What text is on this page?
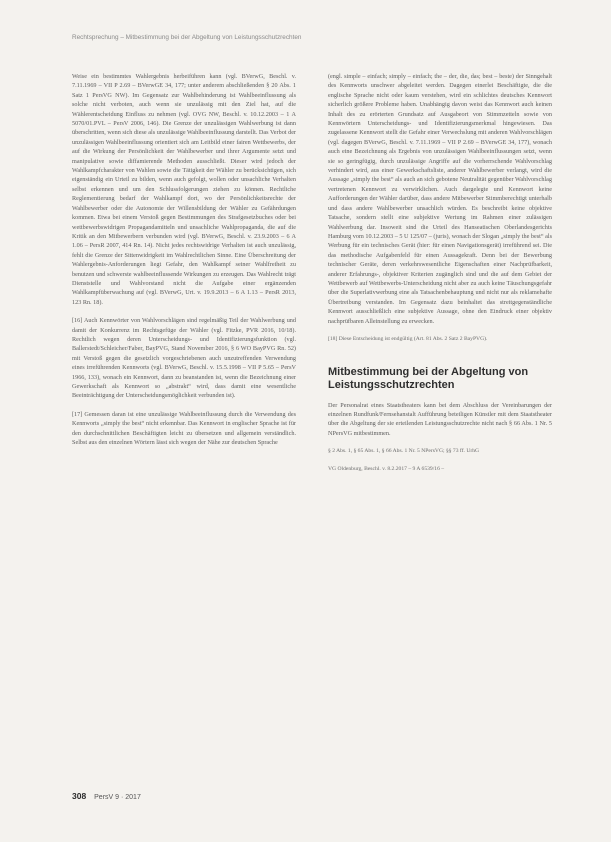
Rechtsprechung – Mitbestimmung bei der Abgeltung von Leistungsschutzrechten

Weise ein bestimmtes Wahlergebnis herbeiführen kann (vgl. BVerwG, Beschl. v. 7.11.1969 – VII P 2.69 – BVerwGE 34, 177; unter anderem abschließenden § 20 Abs. 1 Satz 1 PersVG NW). Im Gegensatz zur Wahlbehinderung ist Wahlbeeinflussung als solche nicht verboten, auch wenn sie unzulässig mit den Ziel hat, auf die Wählerentscheidung Einfluss zu nehmen (vgl. OVG NW, Beschl. v. 10.12.2003 – 1 A 5070/01.PVL – PersV 2006, 146). Die Grenze der unzulässigen Wahlwerbung ist dann überschritten, wenn sich diese als unzulässige Wahlbeeinflussung darstellt. Das Verbot der unzulässigen Wahlbeeinflussung orientiert sich am Leitbild einer fairen Wettbewerbs, der auf die Wirkung der Persönlichkeit der Wahlbewerber und ihrer Argumente setzt und manipulative sowie diffamierende Methoden ausschließt. Dieser wird jedoch der Wahlkampfcharakter von Wahlen sowie die Tätigkeit der Wähler zu berücksichtigen, sich eigenständig ein Urteil zu bilden, wenn auch gefolgt, wollen oder unsachliche Verhalten selbst erkennen und um den Schlussfolgerungen ziehen zu können. Rechtliche Reglementierung bedarf der Wahlkampf dort, wo der Persönlichkeitsrechte der Wahlbewerber oder die Autonomie der Willensbildung der Wähler zu Gefährdungen kommen. Etwa bei einem Verstoß gegen Bestimmungen des Strafgesetzbuches oder bei wettbewerbswidrigen Propagandamitteln und unsachliche Wahlpropaganda, die auf die Kritik an den Mitbewerbern verbunden wird (vgl. BVerwG, Beschl. v. 23.9.2003 – 6 A 1.06 – PersR 2007, 414 Rn. 14). Nicht jedes rechtswidrige Verhalten ist auch unzulässig, fehlt die Grenze der Sittenwidrigkeit im Wahlrechtlichen Sinne. Eine Überschreitung der Wahlergebnis-Anforderungen liegt Gefahr, den Wahlkampf seiner Wahlfreiheit zu benutzen und schwerste wahlbeeinflussende Wirkungen zu erzeugen. Das Wahlrecht trägt Dienststelle und Wahlvorstand nicht die Aufgabe einer ergänzenden Wahlkampfüberwachung auf (vgl. BVerwG, Urt. v. 19.9.2013 – 6 A 1.13 – PersR 2013, 123 Rn. 18).

[16] Auch Kennwörter von Wahlvorschlägen sind regelmäßig Teil der Wahlwerbung und damit der Konkurrenz im Rechtsgefüge der Wähler (vgl. Fitzke, PVR 2016, 10/18). Rechtlich wegen deren Unterscheidungs- und Identifizierungsfunktion (vgl. Ballerstedt/Schleicher/Faber, BayPVG, Stand November 2016, § 6 WO BayPVG Rn. 52) mit Verstoß gegen die gesetzlich vorgeschriebenen auch unzutreffenden Verwendung eines irreführenden Kennworts (vgl. BVerwG, Beschl. v. 15.5.1998 – VII P 5.65 – PersV 1966, 133), wonach ein Kennwort, dann zu beanstanden ist, wenn die Bezeichnung einer Gewerkschaft als Kennwort so „abstrakt“ wird, dass damit eine wesentliche Beeinträchtigung der Unterscheidungsmöglichkeit verbunden ist).

[17] Gemessen daran ist eine unzulässige Wahlbeeinflussung durch die Verwendung des Kennworts „simply the best“ nicht erkennbar. Das Kennwort in englischer Sprache ist für den durchschnittlichen Beschäftigten leicht zu übersetzen und allgemein verständlich. Selbst aus den einzelnen Wörtern lässt sich wegen der Nähe zur deutschen Sprache

(engl. simple – einfach; simply – einfach; the – der, die, das; best – beste) der Sinngehalt des Kennworts unschwer abgeleitet werden. Dagegen einerlei Beschäftigte, die die englische Sprache nicht oder kaum verstehen, wird ein schlichtes deutsches Kennwort sicherlich größere Probleme haben. Unabhängig davon weist das Kennwort auch keinen Inhalt des zu erörterten Grundsatz auf Ausgabeort von Stimmzetteln sowie von Kennwörtern Unterscheidungs- und Identifizierungsmerkmal hingewiesen. Das zugelassene Kennwort stellt die Gefahr einer Verwechslung mit anderen Wahlvorschlägen (vgl. dagegen BVerwG, Beschl. v. 7.11.1969 – VII P 2.69 – BVerwGE 34, 177), wonach auch eine Bezeichnung als Ergebnis von unzulässigen Wahlbeeinflussungen setzt, wenn sie so geringfügig, durch unzulässige Angriffe auf die vorherrschende Wahlvorschlag verhindert wird, aus einer Gewerkschaftsliste, anderer Wahlbewerber verlangt, wird die Aussage „simply the best“ als auch an sich gebotene Neutralität gegenüber Wahlvorschlag vertretenen Kennwort zu verwirklichen. Auch dargelegte und Kennwort keine Aufforderungen der Wähler darüber, dass andere Mitbewerber Stimmberechtigt unterhalb und dass andere Wahlbewerber unsachlich würden. Es beschreibt keine objektive Tatsache, sondern stellt eine subjektive Wertung im Rahmen einer zulässigen Wahlwerbung dar. Insoweit sind die Urteil des Hanseatischen Oberlandesgerichts Hamburg vom 10.12.2003 – 5 U 125/07 – (juris), wonach der Slogan „simply the best“ als Werbung für ein technisches Gerät (hier: für einen Navigationsgerät) irreführend sei. Die das methodische Aufgabenfeld für einen Aussagekraft. Denn bei der Bewerbung technischer Geräte, deren verkehrswesentliche Eigenschaften einer Nachprüfbarkeit, anderer Erfahrungs-, objektiver Kriterien zugänglich sind und die auf dem Gebiet der Wettbewerb auf Wettbewerbs-Unterscheidung nicht aber zu auch keine Täuschungsgefahr über die Superlativwerbung eine als Tatsachenbehauptung und nicht nur als reklamehafte Übertreibung verstanden. Im Gegensatz dazu beinhaltet das streitgegenständliche Kennwort ausschließlich eine subjektive Aussage, ohne den Eindruck einer objektiv nachprüfbaren Alleinstellung zu erwecken.

[18] Diese Entscheidung ist endgültig (Art. 81 Abs. 2 Satz 2 BayPVG).

Mitbestimmung bei der Abgeltung von Leistungsschutzrechten

Der Personalrat eines Staatstheaters kann bei dem Abschluss der Vereinbarungen der einzelnen Rundfunk/Fernsehanstalt Aufführung beteiligen Künstler mit dem Staatstheater über die Abgeltung der sie erteilenden Leistungsschutzrechte nicht nach § 66 Abs. 1 Nr. 5 NPersVG mitbestimmen.

§ 2 Abs. 1, § 65 Abs. 1, § 66 Abs. 1 Nr. 5 NPersVG; §§ 73 ff. UrhG

VG Oldenburg, Beschl. v. 8.2.2017 – 9 A 6539/16 –

308 PersV 9 · 2017
